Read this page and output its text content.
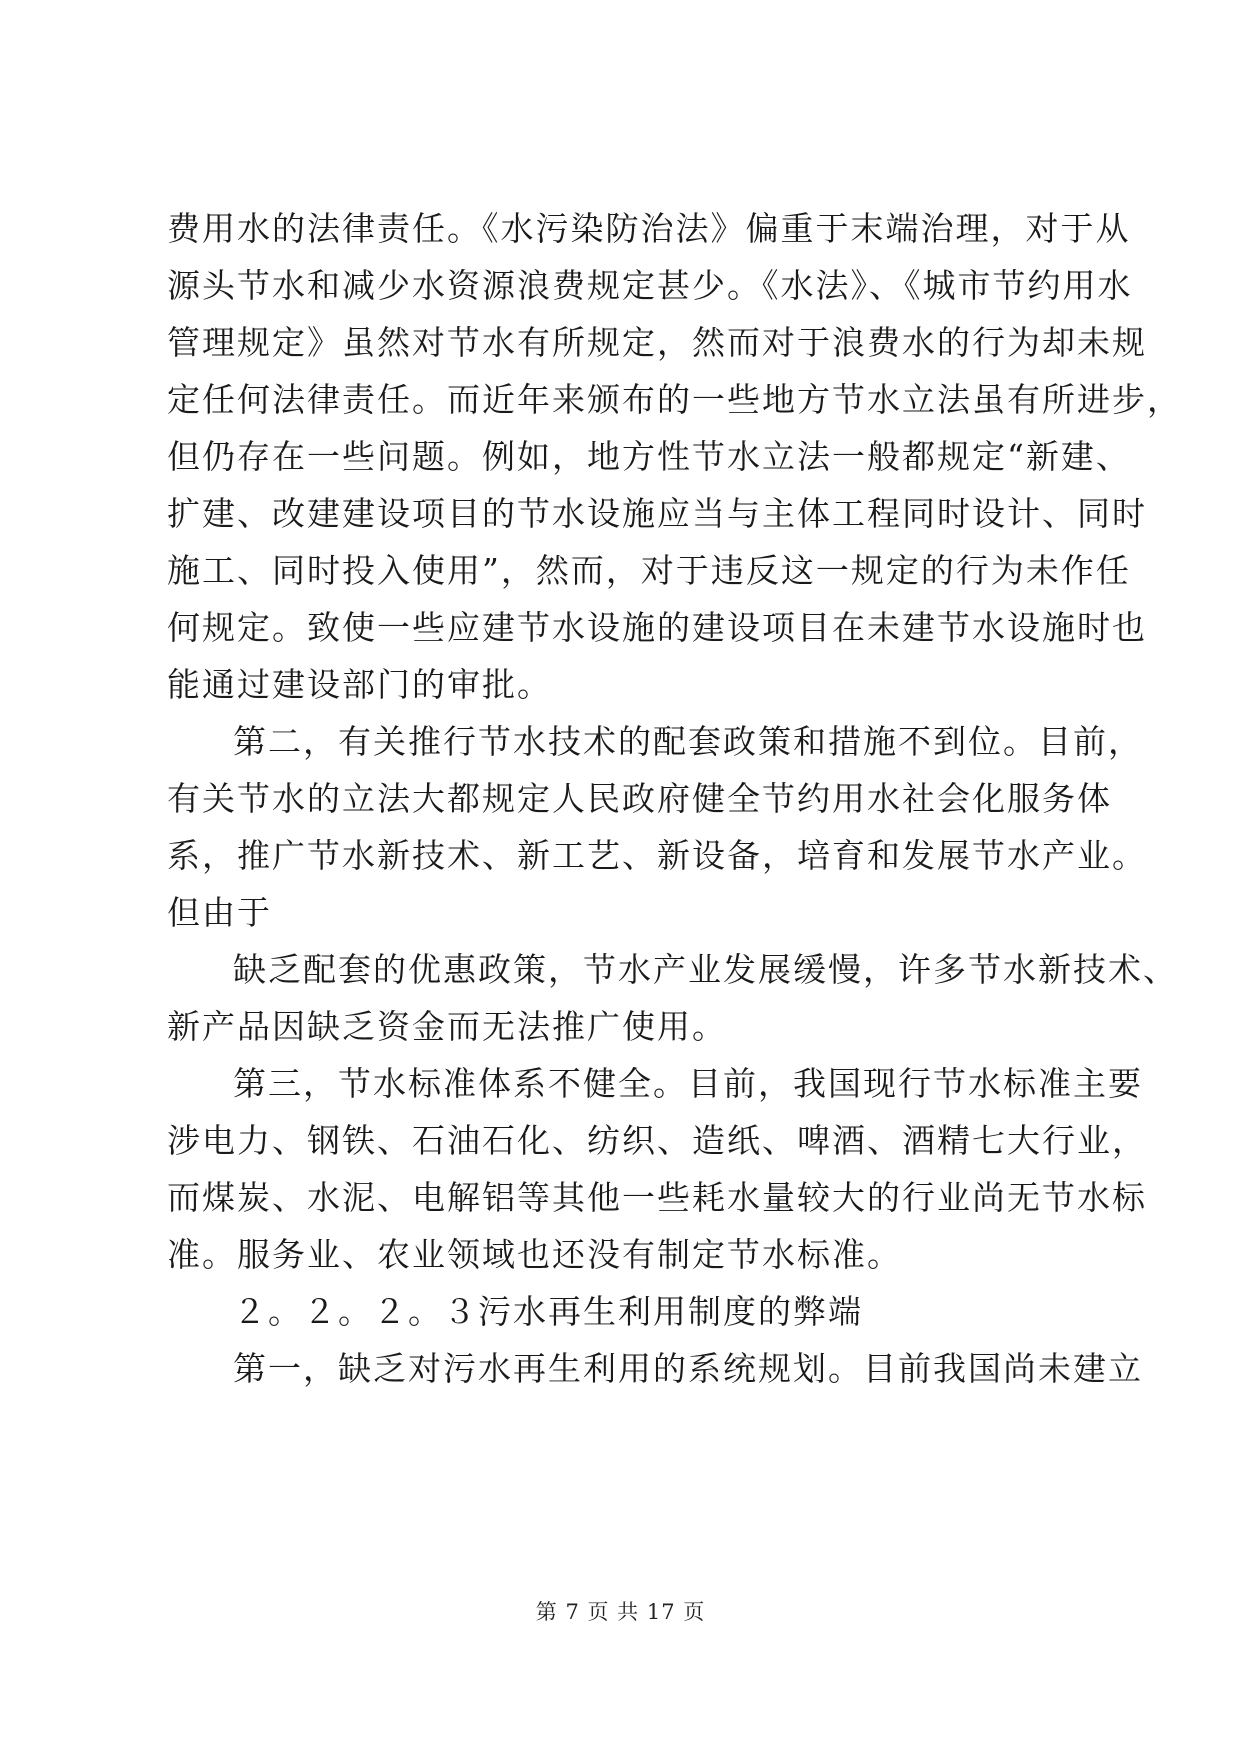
费用水的法律责任。《水污染防治法》偏重于末端治理，对于从
源头节水和减少水资源浪费规定甚少。《水法》、《城市节约用水
管理规定》虽然对节水有所规定，然而对于浪费水的行为却未规
定任何法律责任。而近年来颁布的一些地方节水立法虽有所进步，
但仍存在一些问题。例如，地方性节水立法一般都规定“新建、
扩建、改建建设项目的节水设施应当与主体工程同时设计、同时
施工、同时投入使用”，然而，对于违反这一规定的行为未作任
何规定。致使一些应建节水设施的建设项目在未建节水设施时也
能通过建设部门的审批。
第二，有关推行节水技术的配套政策和措施不到位。目前，
有关节水的立法大都规定人民政府健全节约用水社会化服务体
系，推广节水新技术、新工艺、新设备，培育和发展节水产业。
但由于
缺乏配套的优惠政策，节水产业发展缓慢，许多节水新技术、
新产品因缺乏资金而无法推广使用。
第三，节水标准体系不健全。目前，我国现行节水标准主要
涉电力、钢铁、石油石化、纺织、造纸、啤酒、酒精七大行业，
而煤炭、水泥、电解铝等其他一些耗水量较大的行业尚无节水标
准。服务业、农业领域也还没有制定节水标准。
２。２。２。３污水再生利用制度的弊端
第一，缺乏对污水再生利用的系统规划。目前我国尚未建立
第 7 页 共 17 页
